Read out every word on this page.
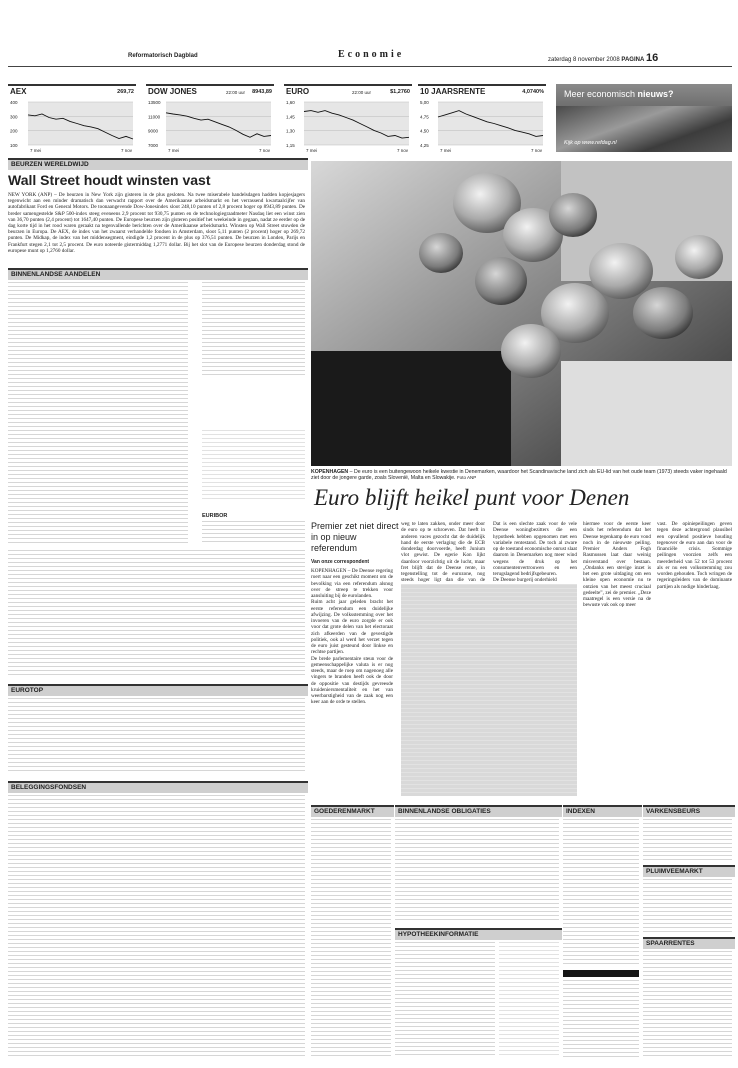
Reformatorisch Dagblad	Economie	zaterdag 8 november 2008 PAGINA 16
AEX	269,72
400
300
200
100
7 mei	7 nov
DOW JONES	22:00 uur 8943,89
13500
11000
9000
7000
7 mei	7 nov
EURO	22:00 uur	$1,2760
1,60
1,45
1,30
1,15
7 mei	7 nov
10 JAARSRENTE	4,0740%
5,00
4,75
4,50
4,25
7 mei	7 nov
Meer economisch nieuws?
Kijk op www.refdag.nl
BEURZEN WERELDWIJD
Wall Street houdt winsten vast

NEW YORK (ANP) – De beurzen in New York zijn gisteren in de plus gesloten. Na twee miserabele handelsdagen hadden kopjesjagers tegenwicht aan een minder dramatisch dan verwacht rapport over de Amerikaanse arbeidsmarkt en het verrassend kwartaalcijfer van autofabrikant Ford en General Motors. De toonaangevende Dow-Jonesindex sloot 248,10 punten of 2,8 procent hoger op 8943,89 punten. De breder samengestelde S&P 500-index steeg eveneens 2,9 procent tot 930,75 punten en de technologiegraadmeter Nasdaq liet een winst zien van 36,70 punten (2,4 procent) tot 1647,40 punten. De Europese beurzen zijn gisteren positief het weekeinde in gegaan, nadat ze eerder op de dag korte tijd in het rood waren geraakt na tegenvallende berichten over de Amerikaanse arbeidsmarkt. Winsten op Wall Street stuwden de beurzen in Europa. De AEX, de index van het zwaarst verhandelde fondsen in Amsterdam, sloot 5,11 punten (2 procent) hoger op 269,72 punten. De Midkap, de index van het middensegment, eindigde 1,2 procent in de plus op 376,51 punten. De beurzen in Londen, Parijs en Frankfurt stegen 2,1 tot 2,5 procent. De euro noteerde gistermiddag 1,2771 dollar. Bij het slot van de Europese beurzen donderdag stond de europese munt op 1,2760 dollar.

BINNENLANDSE AANDELEN
EURIBOR
EUROTOP
BELEGGINGSFONDSEN
KOPENHAGEN – De euro is een buitengewoon heikele kwestie in Denemarken, waardoor het Scandinavische land zich als EU-lid van het oude team (1973) steeds vaker ingehaald ziet door de jongere garde, zoals Slovenië, Malta en Slowakije. Foto ANP
Euro blijft heikel punt voor Denen
Premier zet niet direct in op nieuw referendum
Van onze correspondent
KOPENHAGEN – De Deense regering roert naar een geschikt moment om de bevolking via een referendum alsnog over de streep te trekken voor aansluiting bij de eurolanden.
Ruim acht jaar geleden bracht het eerste referendum een duidelijke afwijzing. De volksstemming over het invoeren van de euro zorgde er ook voor dat grote delen van het electoraat zich afkeerden van de gevestigde politiek, ook al werd het verzet tegen de euro juist gesteund door linkse en rechtse partijen.
De brede parlementaire steun voor de gemeenschappelijke valuta is er nog steeds, maar de roep om nagenoeg alle vingers te branden heeft ook de door de oppositie van destijds gevreesde kruideniersmentaliteit en het van weerbarstigheid van de zaak nog een keer aan de orde te stellen.
weg te laten zakken, onder meer door de euro op te schroeven. Dat heeft in anderen vaces gezocht dat de duidelijk hand de eerste verlaging die de ECB donderdag doorvoerde, heeft Junium vlot gewist. De egerie Kon lijkt daardoor voorzichtig uit de lucht, maar fret blijft dat de Deense rente, in tegenstelling tot de eurozone, nog steeds hoger ligt dan die van de
Dat is een slechte zaak voor de vele Deense woningbezitters die een hypotheek hebben opgenomen met een variabele rentestand. De toch al zware op de toestand economische onrust slaat daarom in Denemarken nog meer wind wegens de druk op het consumentenvertrouwen en een terugslagend bedrijfsgebeuren.
De Deense burgerij onderhield
hiermee voor de eerste keer sinds het referendum dat het Deense tegenkamp de euro vond noch in de nieuwste peiling. Premier Anders Fogh Rasmussen laat daar weinig misverstand over bestaan. „Ondanks een stevige inzet is het een grote uitdaging om een kleine open economie nu te ontzien van het meest cruciaal gedeelte”, zei de premier. „Deze maatregel is een versie na de bewuste vak ook op meer
vast. De opiniepeilingen geven tegen deze achtergrond plausibel een opvallend positieve houding tegenover de euro aan dan voor de financiële crisis. Sommige peilingen voorzien zelfs een meerderheid van 52 tot 53 procent als er nu een volksstemming zou worden gehouden. Toch wringen de regeringsleiders van de dominante partijen als nodige hinderlaag.
GOEDERENMARKT	BINNENLANDSE OBLIGATIES
HYPOTHEEKINFORMATIE
INDEXEN	VARKENSBEURS
PLUIMVEEMARKT
SPAARRENTES
